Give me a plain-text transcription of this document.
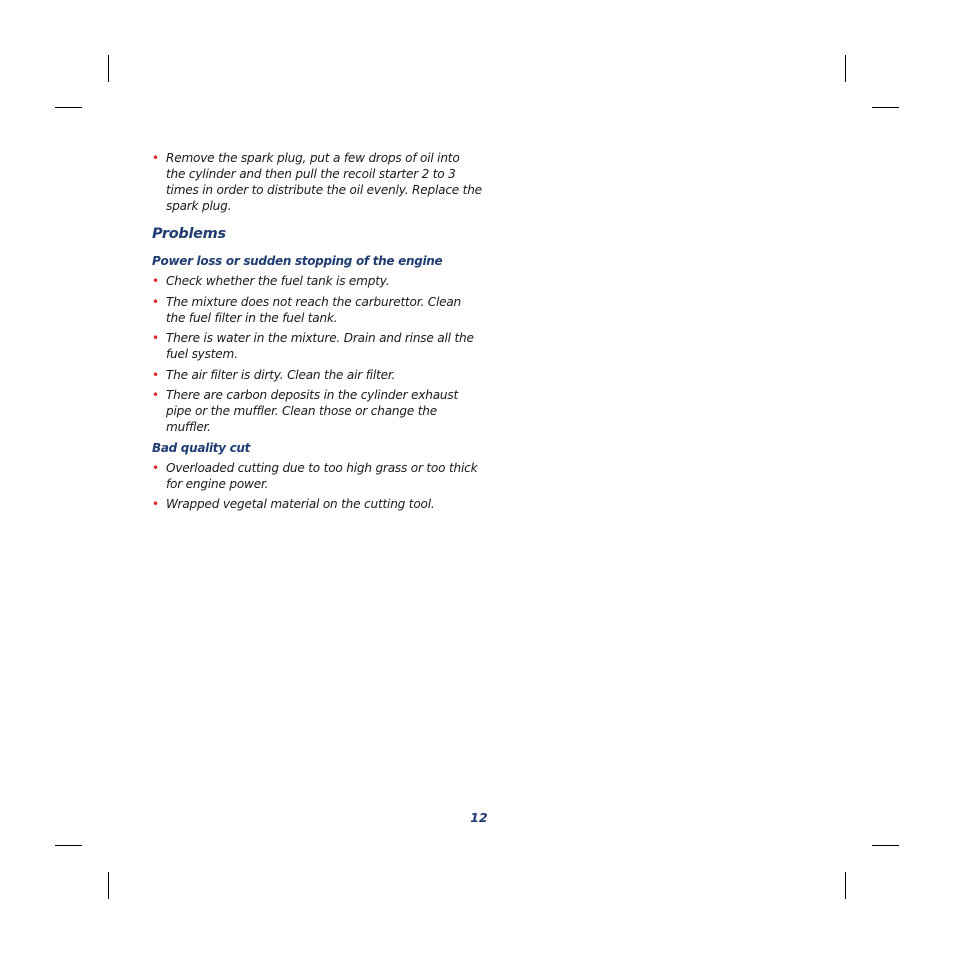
• Remove the spark plug, put a few drops of oil into the cylinder and then pull the recoil starter 2 to 3 times in order to distribute the oil evenly. Replace the spark plug.
Problems
Power loss or sudden stopping of the engine
• Check whether the fuel tank is empty.
• The mixture does not reach the carburettor. Clean the fuel filter in the fuel tank.
• There is water in the mixture. Drain and rinse all the fuel system.
• The air filter is dirty. Clean the air filter.
• There are carbon deposits in the cylinder exhaust pipe or the muffler. Clean those or change the muffler.
Bad quality cut
• Overloaded cutting due to too high grass or too thick for engine power.
• Wrapped vegetal material on the cutting tool.
12
